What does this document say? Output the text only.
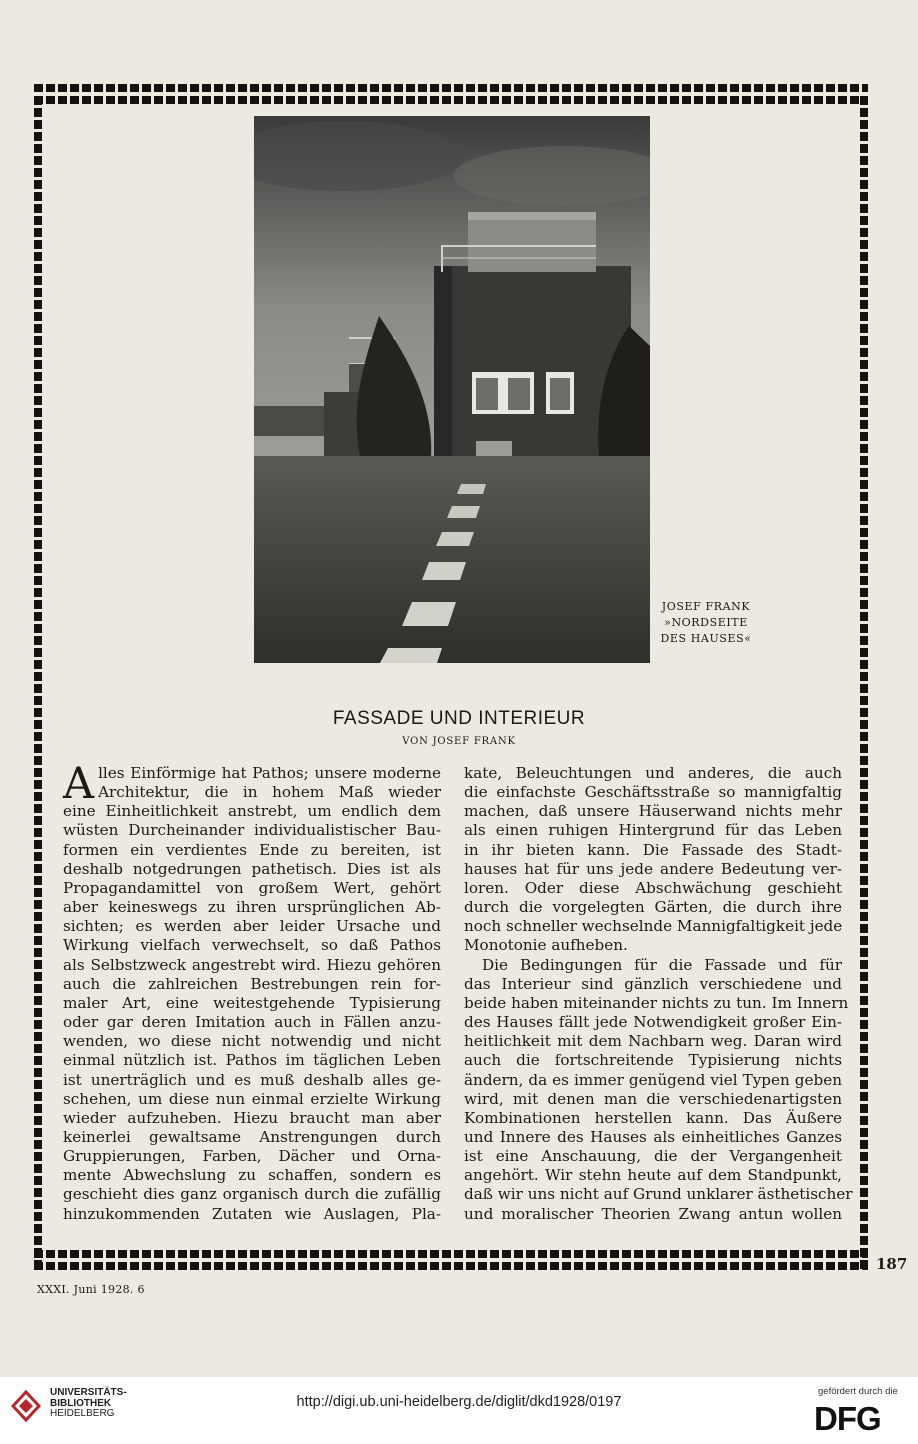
JOSEF FRANK
»NORDSEITE
DES HAUSES«
FASSADE UND INTERIEUR
VON JOSEF FRANK
A lles Einförmige hat Pathos; unsere moderne
Architektur, die in hohem Maß wieder
eine Einheitlichkeit anstrebt, um endlich dem
wüsten Durcheinander individualistischer Bau-
formen ein verdientes Ende zu bereiten, ist
deshalb notgedrungen pathetisch. Dies ist als
Propagandamittel von großem Wert, gehört
aber keineswegs zu ihren ursprünglichen Ab-
sichten; es werden aber leider Ursache und
Wirkung vielfach verwechselt, so daß Pathos
als Selbstzweck angestrebt wird. Hiezu gehören
auch die zahlreichen Bestrebungen rein for-
maler Art, eine weitestgehende Typisierung
oder gar deren Imitation auch in Fällen anzu-
wenden, wo diese nicht notwendig und nicht
einmal nützlich ist. Pathos im täglichen Leben
ist unerträglich und es muß deshalb alles ge-
schehen, um diese nun einmal erzielte Wirkung
wieder aufzuheben. Hiezu braucht man aber
keinerlei gewaltsame Anstrengungen durch
Gruppierungen, Farben, Dächer und Orna-
mente Abwechslung zu schaffen, sondern es
geschieht dies ganz organisch durch die zufällig
hinzukommenden Zutaten wie Auslagen, Pla-
kate, Beleuchtungen und anderes, die auch
die einfachste Geschäftsstraße so mannigfaltig
machen, daß unsere Häuserwand nichts mehr
als einen ruhigen Hintergrund für das Leben
in ihr bieten kann. Die Fassade des Stadt-
hauses hat für uns jede andere Bedeutung ver-
loren. Oder diese Abschwächung geschieht
durch die vorgelegten Gärten, die durch ihre
noch schneller wechselnde Mannigfaltigkeit jede
Monotonie aufheben.
Die Bedingungen für die Fassade und für
das Interieur sind gänzlich verschiedene und
beide haben miteinander nichts zu tun. Im Innern
des Hauses fällt jede Notwendigkeit großer Ein-
heitlichkeit mit dem Nachbarn weg. Daran wird
auch die fortschreitende Typisierung nichts
ändern, da es immer genügend viel Typen geben
wird, mit denen man die verschiedenartigsten
Kombinationen herstellen kann. Das Äußere
und Innere des Hauses als einheitliches Ganzes
ist eine Anschauung, die der Vergangenheit
angehört. Wir stehn heute auf dem Standpunkt,
daß wir uns nicht auf Grund unklarer ästhetischer
und moralischer Theorien Zwang antun wollen
187
XXXI. Juni 1928. 6
UNIVERSITÄTS-
BIBLIOTHEK
HEIDELBERG
http://digi.ub.uni-heidelberg.de/diglit/dkd1928/0197
gefördert durch die
DFG
